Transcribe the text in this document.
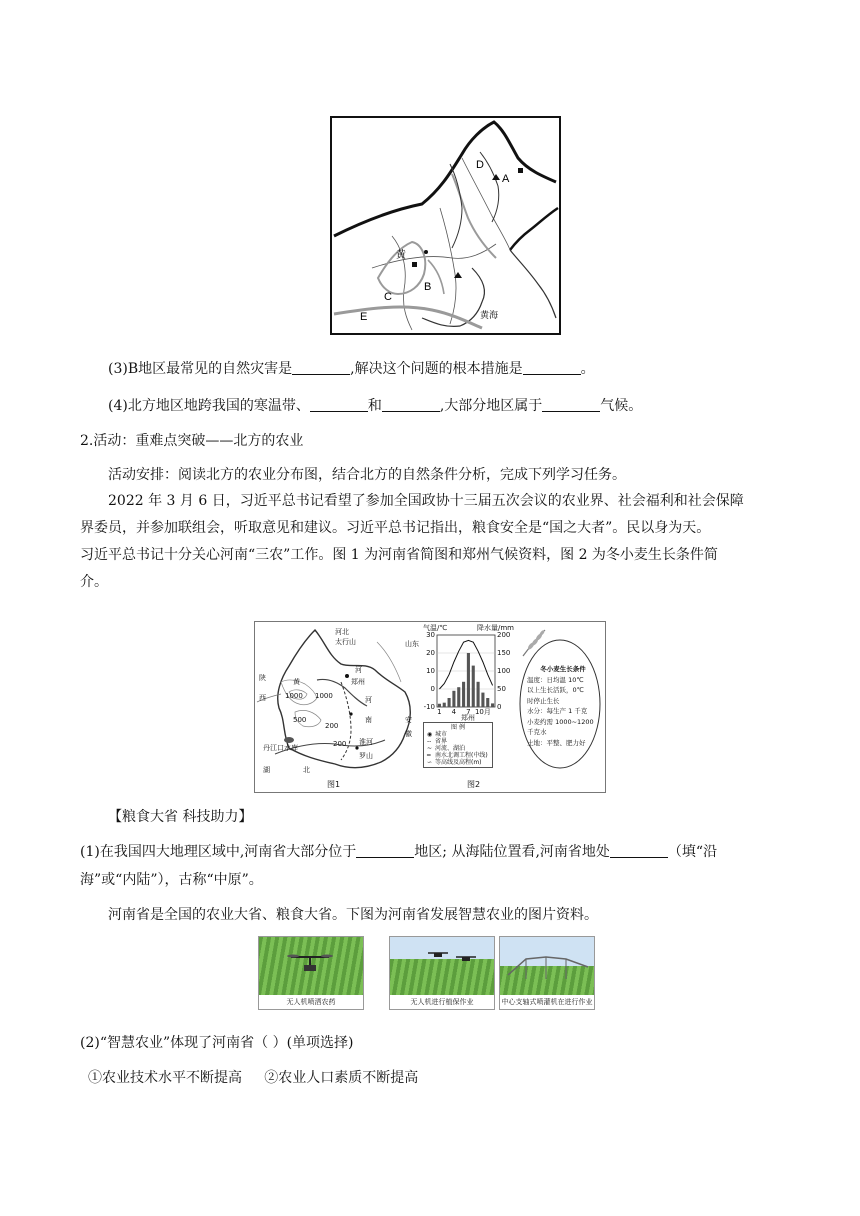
D
A
B
C
E
黄
黄海
(3)B地区最常见的自然灾害是	,解决这个问题的根本措施是	。
(4)北方地区地跨我国的寒温带、	和	,大部分地区属于	气候。
2.活动：重难点突破——北方的农业
活动安排：阅读北方的农业分布图，结合北方的自然条件分析，完成下列学习任务。
2022 年 3 月 6 日，习近平总书记看望了参加全国政协十三届五次会议的农业界、社会福利和社会保障
界委员，并参加联组会，听取意见和建议。习近平总书记指出，粮食安全是“国之大者”。民以身为天。
习近平总书记十分关心河南“三农”工作。图 1 为河南省简图和郑州气候资料，图 2 为冬小麦生长条件简
介。
河北
太行山
陕
西
黄
河
山东
郑州
河
南	安
徽
淮河
罗山
丹江口水库
湖	北
1000 1000
500
200
200
气温/℃	降水量/mm
30
20
10
0
-10
200
150
100
50
0
1 4 7 10月
郑州
图 例
◉ 城市
-- 省界
~ 河流、湖泊
═ 南水北调工程(中线)
∽ 等高线及高程(m)
冬小麦生长条件
温度：日均温 10℃
以上生长活跃，0℃
时停止生长
水分：每生产 1 千克
小麦约需 1000~1200
千克水
土地：平整、肥力好
图1	图2
【粮食大省 科技助力】
(1)在我国四大地理区域中,河南省大部分位于	地区; 从海陆位置看,河南省地处	（填“沿
海”或“内陆”），古称“中原”。
河南省是全国的农业大省、粮食大省。下图为河南省发展智慧农业的图片资料。
无人机喷洒农药	无人机进行植保作业	中心支轴式喷灌机在进行作业
(2)“智慧农业”体现了河南省（ ）(单项选择)
①农业技术水平不断提高     ②农业人口素质不断提高
